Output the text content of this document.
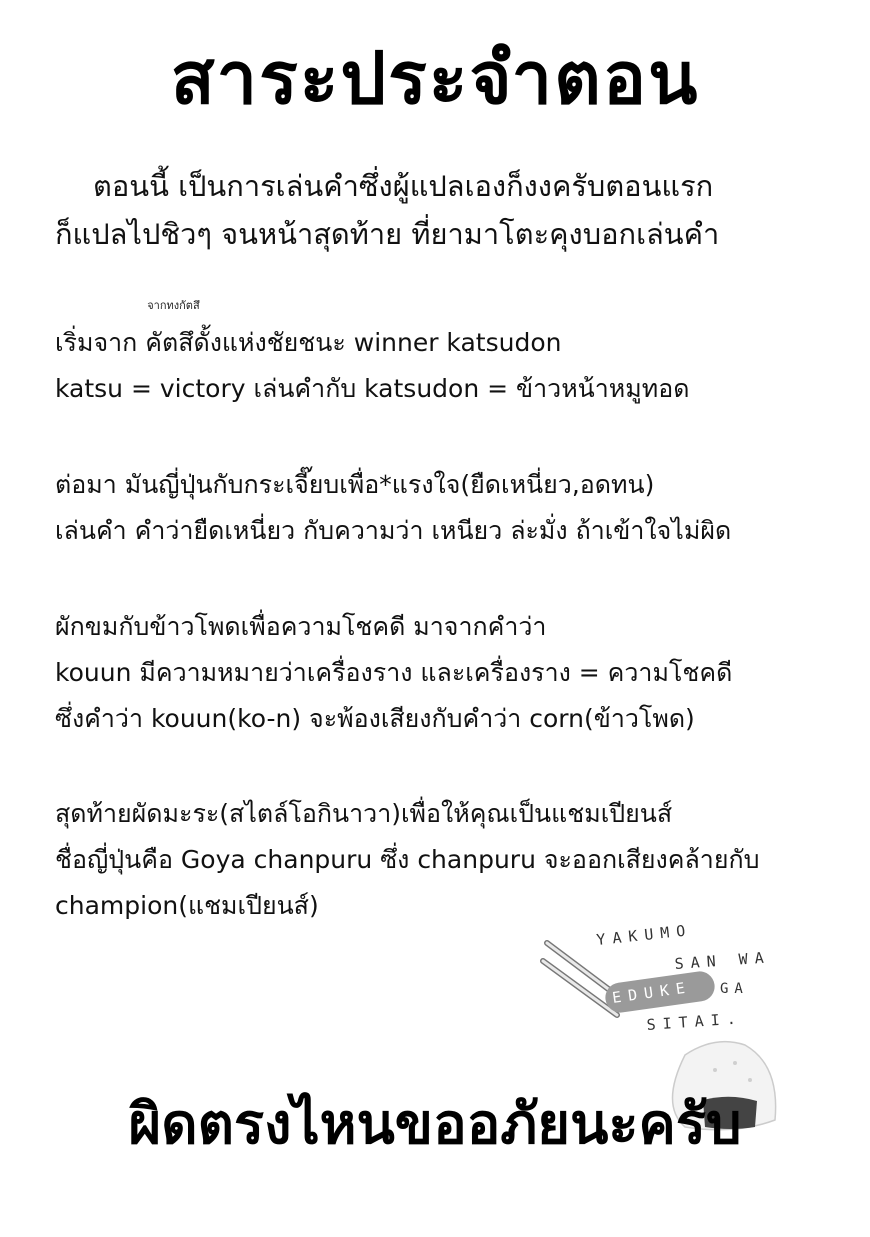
สาระประจำตอน
ตอนนี้ เป็นการเล่นคำซึ่งผู้แปลเองก็งงครับตอนแรก
ก็แปลไปชิวๆ จนหน้าสุดท้าย ที่ยามาโตะคุงบอกเล่นคำ
เริ่มจาก
จากทงกัตสึ
คัตสึดั้งแห่งชัยชนะ winner katsudon
katsu = victory เล่นคำกับ katsudon = ข้าวหน้าหมูทอด
ต่อมา มันญี่ปุ่นกับกระเจี๊ยบเพื่อ*แรงใจ(ยืดเหนี่ยว,อดทน)
เล่นคำ คำว่ายืดเหนี่ยว กับความว่า เหนียว ล่ะมั่ง ถ้าเข้าใจไม่ผิด
ผักขมกับข้าวโพดเพื่อความโชคดี มาจากคำว่า
kouun มีความหมายว่าเครื่องราง และเครื่องราง = ความโชคดี
ซึ่งคำว่า kouun(ko-n) จะพ้องเสียงกับคำว่า corn(ข้าวโพด)
สุดท้ายผัดมะระ(สไตล์โอกินาวา)เพื่อให้คุณเป็นแชมเปียนส์
ชื่อญี่ปุ่นคือ Goya chanpuru ซึ่ง chanpuru จะออกเสียงคล้ายกับ
champion(แชมเปียนส์)
YAKUMO
SAN WA
EDUKE GA
SITAI.
ผิดตรงไหนขออภัยนะครับ
